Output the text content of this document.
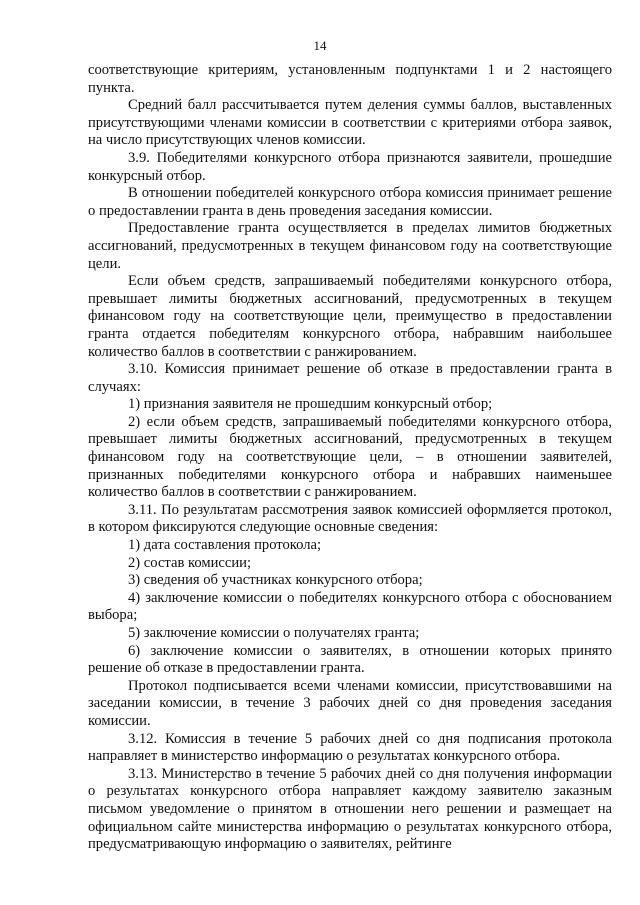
14

соответствующие критериям, установленным подпунктами 1 и 2 настоящего пункта.

Средний балл рассчитывается путем деления суммы баллов, выставленных присутствующими членами комиссии в соответствии с критериями отбора заявок, на число присутствующих членов комиссии.

3.9. Победителями конкурсного отбора признаются заявители, прошедшие конкурсный отбор.

В отношении победителей конкурсного отбора комиссия принимает решение о предоставлении гранта в день проведения заседания комиссии.

Предоставление гранта осуществляется в пределах лимитов бюджетных ассигнований, предусмотренных в текущем финансовом году на соответствующие цели.

Если объем средств, запрашиваемый победителями конкурсного отбора, превышает лимиты бюджетных ассигнований, предусмотренных в текущем финансовом году на соответствующие цели, преимущество в предоставлении гранта отдается победителям конкурсного отбора, набравшим наибольшее количество баллов в соответствии с ранжированием.

3.10. Комиссия принимает решение об отказе в предоставлении гранта в случаях:

1) признания заявителя не прошедшим конкурсный отбор;

2) если объем средств, запрашиваемый победителями конкурсного отбора, превышает лимиты бюджетных ассигнований, предусмотренных в текущем финансовом году на соответствующие цели, – в отношении заявителей, признанных победителями конкурсного отбора и набравших наименьшее количество баллов в соответствии с ранжированием.

3.11. По результатам рассмотрения заявок комиссией оформляется протокол, в котором фиксируются следующие основные сведения:

1) дата составления протокола;

2) состав комиссии;

3) сведения об участниках конкурсного отбора;

4) заключение комиссии о победителях конкурсного отбора с обоснованием выбора;

5) заключение комиссии о получателях гранта;

6) заключение комиссии о заявителях, в отношении которых принято решение об отказе в предоставлении гранта.

Протокол подписывается всеми членами комиссии, присутствовавшими на заседании комиссии, в течение 3 рабочих дней со дня проведения заседания комиссии.

3.12. Комиссия в течение 5 рабочих дней со дня подписания протокола направляет в министерство информацию о результатах конкурсного отбора.

3.13. Министерство в течение 5 рабочих дней со дня получения информации о результатах конкурсного отбора направляет каждому заявителю заказным письмом уведомление о принятом в отношении него решении и размещает на официальном сайте министерства информацию о результатах конкурсного отбора, предусматривающую информацию о заявителях, рейтинге
